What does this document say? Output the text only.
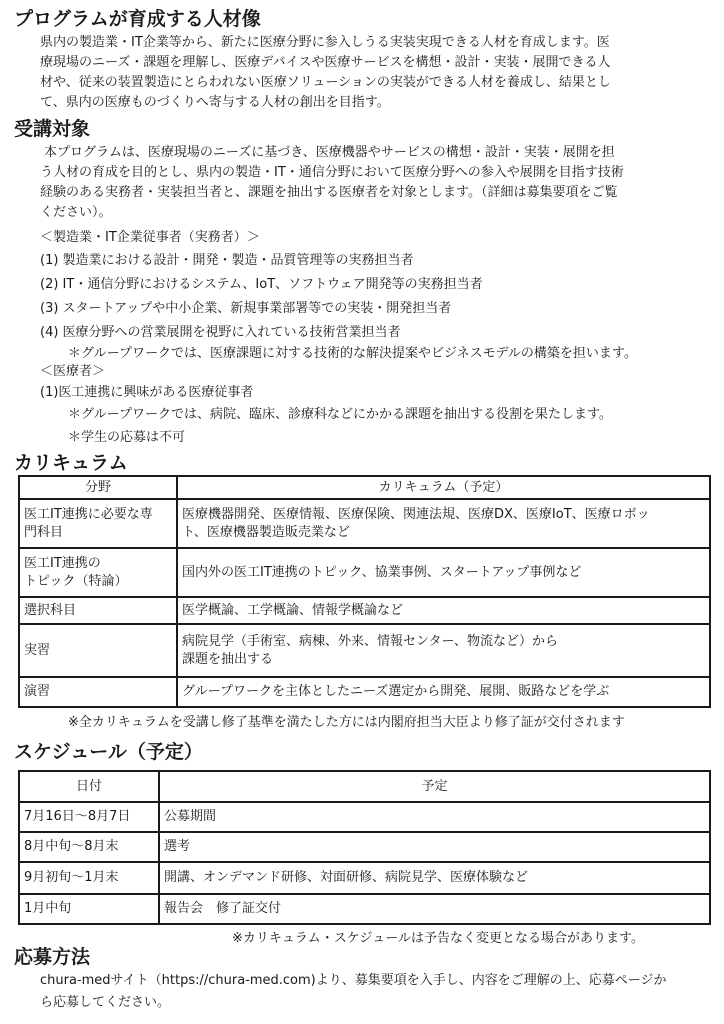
プログラムが育成する人材像
県内の製造業・IT企業等から、新たに医療分野に参入しうる実装実現できる人材を育成します。医
療現場のニーズ・課題を理解し、医療デバイスや医療サービスを構想・設計・実装・展開できる人
材や、従来の装置製造にとらわれない医療ソリューションの実装ができる人材を養成し、結果とし
て、県内の医療ものづくりへ寄与する人材の創出を目指す。
受講対象
本プログラムは、医療現場のニーズに基づき、医療機器やサービスの構想・設計・実装・展開を担
う人材の育成を目的とし、県内の製造・IT・通信分野において医療分野への参入や展開を目指す技術
経験のある実務者・実装担当者と、課題を抽出する医療者を対象とします。（詳細は募集要項をご覧
ください）。
＜製造業・IT企業従事者（実務者）＞
(1) 製造業における設計・開発・製造・品質管理等の実務担当者
(2) IT・通信分野におけるシステム、IoT、ソフトウェア開発等の実務担当者
(3) スタートアップや中小企業、新規事業部署等での実装・開発担当者
(4) 医療分野への営業展開を視野に入れている技術営業担当者
＊グループワークでは、医療課題に対する技術的な解決提案やビジネスモデルの構築を担います。
＜医療者＞
(1)医工連携に興味がある医療従事者
＊グループワークでは、病院、臨床、診療科などにかかる課題を抽出する役割を果たします。
＊学生の応募は不可
カリキュラム
分野	カリキュラム（予定）

医工IT連携に必要な専
門科目	医療機器開発、医療情報、医療保険、関連法規、医療DX、医療IoT、医療ロボッ
ト、医療機器製造販売業など

医工IT連携の
トピック（特論）	国内外の医工IT連携のトピック、協業事例、スタートアップ事例など

選択科目	医学概論、工学概論、情報学概論など

実習	病院見学（手術室、病棟、外来、情報センター、物流など）から
課題を抽出する

演習	グループワークを主体としたニーズ選定から開発、展開、販路などを学ぶ
※全カリキュラムを受講し修了基準を満たした方には内閣府担当大臣より修了証が交付されます
スケジュール（予定）
日付	予定
7月16日～8月7日	公募期間
8月中旬～8月末	選考
9月初旬～1月末	開講、オンデマンド研修、対面研修、病院見学、医療体験など
1月中旬	報告会　修了証交付
※カリキュラム・スケジュールは予告なく変更となる場合があります。
応募方法
chura-medサイト（https://chura-med.com)より、募集要項を入手し、内容をご理解の上、応募ページか
ら応募してください。
